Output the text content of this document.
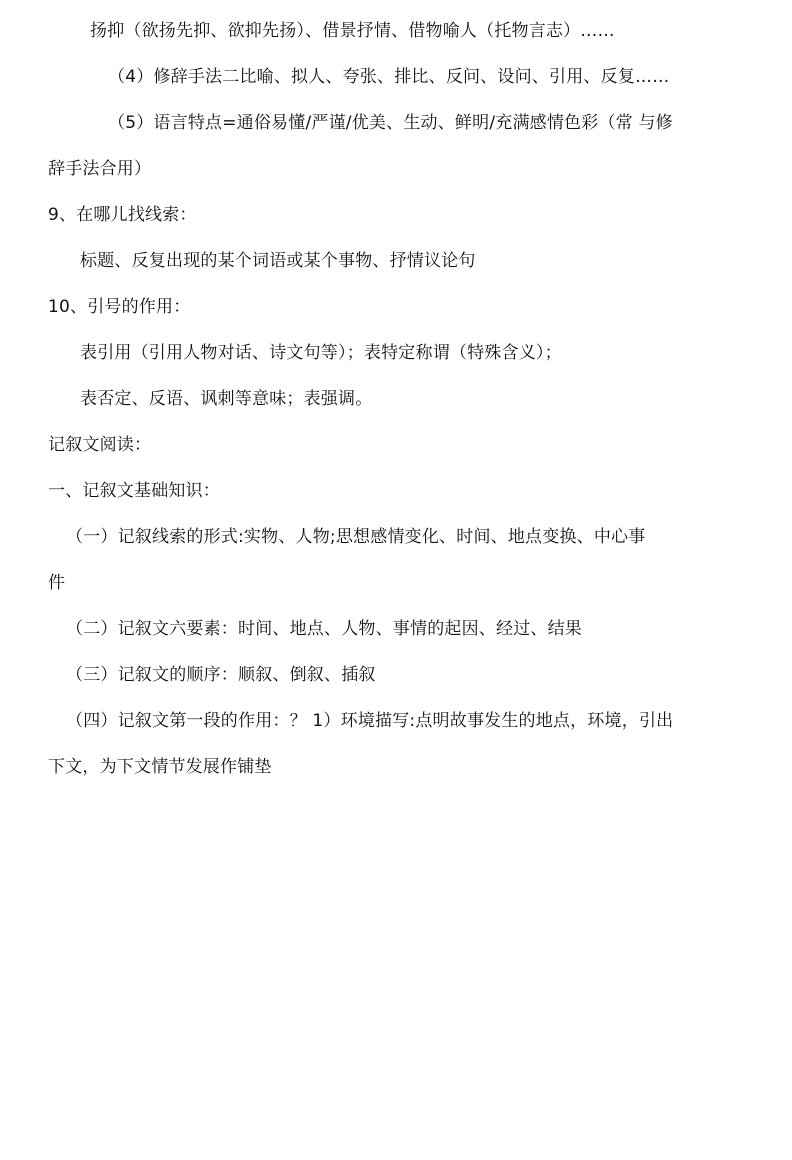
扬抑（欲扬先抑、欲抑先扬）、借景抒情、借物喻人（托物言志）……
（4）修辞手法二比喻、拟人、夸张、排比、反问、设问、引用、反复……
（5）语言特点=通俗易懂/严谨/优美、生动、鲜明/充满感情色彩（常 与修
辞手法合用）
9、在哪儿找线索：
标题、反复出现的某个词语或某个事物、抒情议论句
10、引号的作用：
表引用（引用人物对话、诗文句等）；表特定称谓（特殊含义）；
表否定、反语、讽刺等意味；表强调。
记叙文阅读：
一、记叙文基础知识：
（一）记叙线索的形式:实物、人物;思想感情变化、时间、地点变换、中心事
件
（二）记叙文六要素：时间、地点、人物、事情的起因、经过、结果
（三）记叙文的顺序：顺叙、倒叙、插叙
（四）记叙文第一段的作用：？ 1）环境描写:点明故事发生的地点，环境，引出
下文，为下文情节发展作铺垫
